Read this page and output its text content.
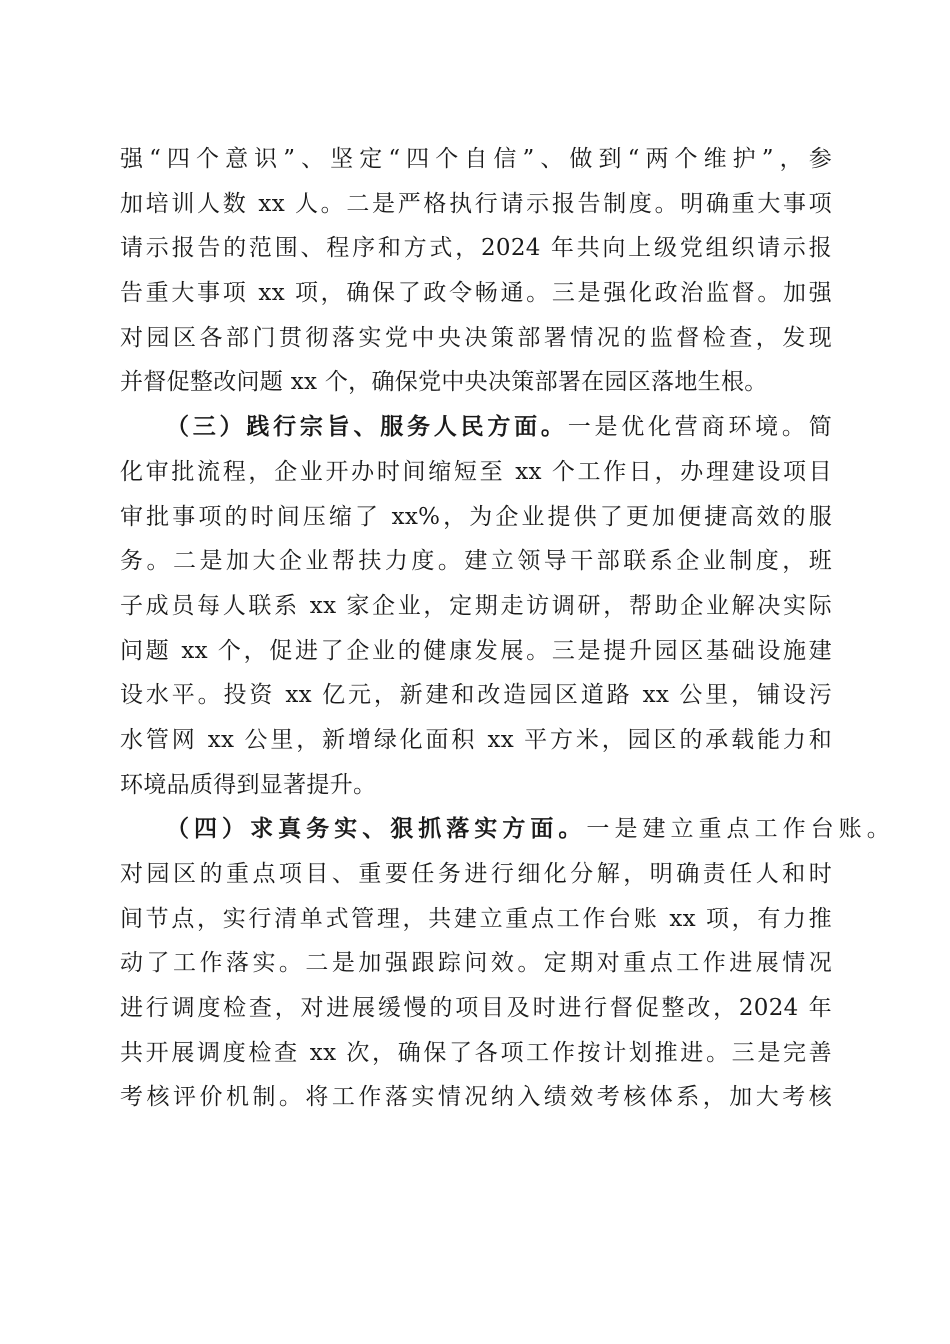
强“四个意识”、坚定“四个自信”、做到“两个维护”，参
加培训人数 xx 人。二是严格执行请示报告制度。明确重大事项
请示报告的范围、程序和方式，2024 年共向上级党组织请示报
告重大事项 xx 项，确保了政令畅通。三是强化政治监督。加强
对园区各部门贯彻落实党中央决策部署情况的监督检查，发现
并督促整改问题 xx 个，确保党中央决策部署在园区落地生根。
（三）践行宗旨、服务人民方面。一是优化营商环境。简
化审批流程，企业开办时间缩短至 xx 个工作日，办理建设项目
审批事项的时间压缩了 xx%，为企业提供了更加便捷高效的服
务。二是加大企业帮扶力度。建立领导干部联系企业制度，班
子成员每人联系 xx 家企业，定期走访调研，帮助企业解决实际
问题 xx 个，促进了企业的健康发展。三是提升园区基础设施建
设水平。投资 xx 亿元，新建和改造园区道路 xx 公里，铺设污
水管网 xx 公里，新增绿化面积 xx 平方米，园区的承载能力和
环境品质得到显著提升。
（四）求真务实、狠抓落实方面。一是建立重点工作台账。
对园区的重点项目、重要任务进行细化分解，明确责任人和时
间节点，实行清单式管理，共建立重点工作台账 xx 项，有力推
动了工作落实。二是加强跟踪问效。定期对重点工作进展情况
进行调度检查，对进展缓慢的项目及时进行督促整改，2024 年
共开展调度检查 xx 次，确保了各项工作按计划推进。三是完善
考核评价机制。将工作落实情况纳入绩效考核体系，加大考核
